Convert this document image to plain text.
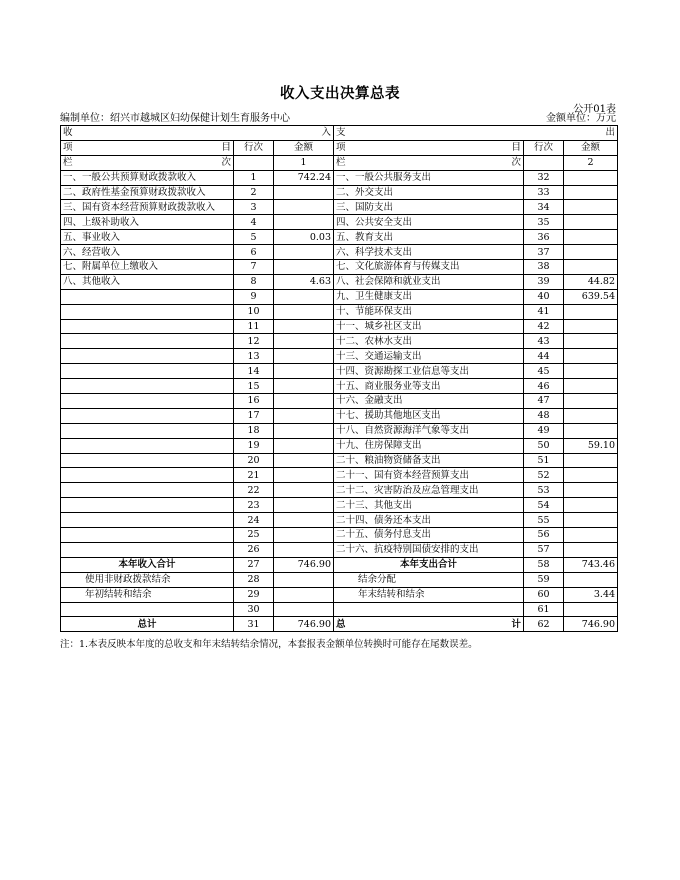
收入支出决算总表
公开01表
编制单位：绍兴市越城区妇幼保健计划生育服务中心	金额单位：万元
收 入			支 出		

项 目	行次	金额	项 目	行次	金额

栏 次		1	栏 次		2
一、一般公共预算财政拨款收入	1	742.24	一、一般公共服务支出	32	
二、政府性基金预算财政拨款收入	2		二、外交支出	33	
三、国有资本经营预算财政拨款收入	3		三、国防支出	34	
四、上级补助收入	4		四、公共安全支出	35	
五、事业收入	5	0.03	五、教育支出	36	
六、经营收入	6		六、科学技术支出	37	
七、附属单位上缴收入	7		七、文化旅游体育与传媒支出	38	
八、其他收入	8	4.63	八、社会保障和就业支出	39	44.82
	9		九、卫生健康支出	40	639.54
	10		十、节能环保支出	41	
	11		十一、城乡社区支出	42	
	12		十二、农林水支出	43	
	13		十三、交通运输支出	44	
	14		十四、资源勘探工业信息等支出	45	
	15		十五、商业服务业等支出	46	
	16		十六、金融支出	47	
	17		十七、援助其他地区支出	48	
	18		十八、自然资源海洋气象等支出	49	
	19		十九、住房保障支出	50	59.10
	20		二十、粮油物资储备支出	51	
	21		二十一、国有资本经营预算支出	52	
	22		二十二、灾害防治及应急管理支出	53	
	23		二十三、其他支出	54	
	24		二十四、债务还本支出	55	
	25		二十五、债务付息支出	56	
	26		二十六、抗疫特别国债安排的支出	57	
本年收入合计	27	746.90	本年支出合计	58	743.46
使用非财政拨款结余	28		结余分配	59	
年初结转和结余	29		年末结转和结余	60	3.44
	30			61	
总计	31	746.90	总 计	62	746.90
注：1.本表反映本年度的总收支和年末结转结余情况，本套报表金额单位转换时可能存在尾数误差。
